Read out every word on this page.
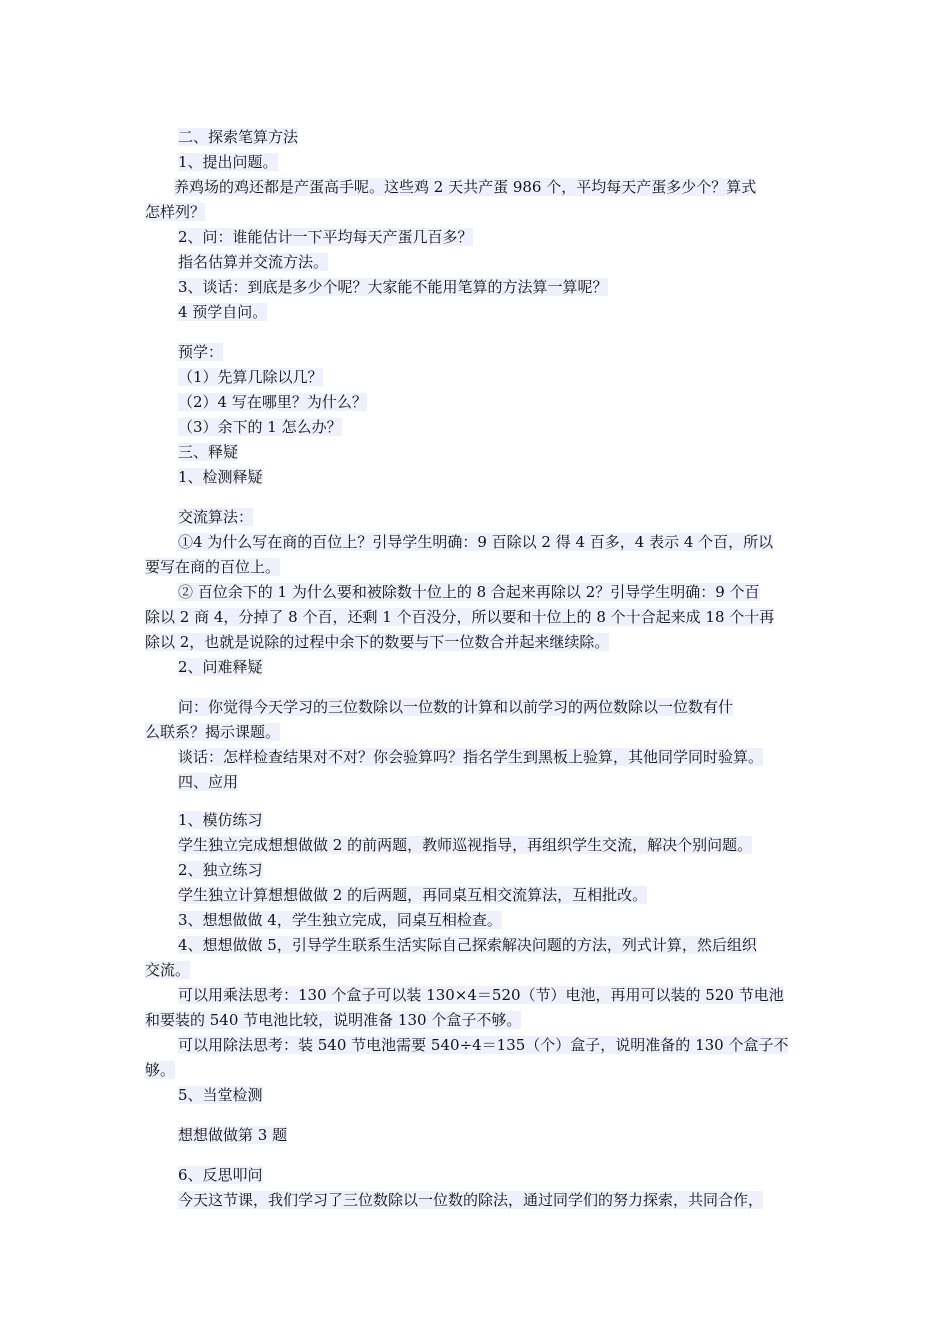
二、探索笔算方法
1、提出问题。
养鸡场的鸡还都是产蛋高手呢。这些鸡 2 天共产蛋 986 个，平均每天产蛋多少个？算式
怎样列？
2、问：谁能估计一下平均每天产蛋几百多？
指名估算并交流方法。
3、谈话：到底是多少个呢？大家能不能用笔算的方法算一算呢？
4 预学自问。
预学：
（1）先算几除以几？
（2）4 写在哪里？为什么？
（3）余下的 1 怎么办？
三、释疑
1、检测释疑
交流算法：
①4 为什么写在商的百位上？引导学生明确：9 百除以 2 得 4 百多，4 表示 4 个百，所以
要写在商的百位上。
② 百位余下的 1 为什么要和被除数十位上的 8 合起来再除以 2？引导学生明确：9 个百
除以 2 商 4，分掉了 8 个百，还剩 1 个百没分，所以要和十位上的 8 个十合起来成 18 个十再
除以 2，也就是说除的过程中余下的数要与下一位数合并起来继续除。
2、问难释疑
问：你觉得今天学习的三位数除以一位数的计算和以前学习的两位数除以一位数有什
么联系？揭示课题。
谈话：怎样检查结果对不对？你会验算吗？指名学生到黑板上验算，其他同学同时验算。
四、应用
1、模仿练习
学生独立完成想想做做 2 的前两题，教师巡视指导，再组织学生交流，解决个别问题。
2、独立练习
学生独立计算想想做做 2 的后两题，再同桌互相交流算法，互相批改。
3、想想做做 4，学生独立完成，同桌互相检查。
4、想想做做 5，引导学生联系生活实际自己探索解决问题的方法，列式计算，然后组织
交流。
可以用乘法思考：130 个盒子可以装 130×4＝520（节）电池，再用可以装的 520 节电池
和要装的 540 节电池比较，说明准备 130 个盒子不够。
可以用除法思考：装 540 节电池需要 540÷4＝135（个）盒子，说明准备的 130 个盒子不
够。
5、当堂检测
想想做做第 3 题
6、反思叩问
今天这节课，我们学习了三位数除以一位数的除法，通过同学们的努力探索，共同合作，
